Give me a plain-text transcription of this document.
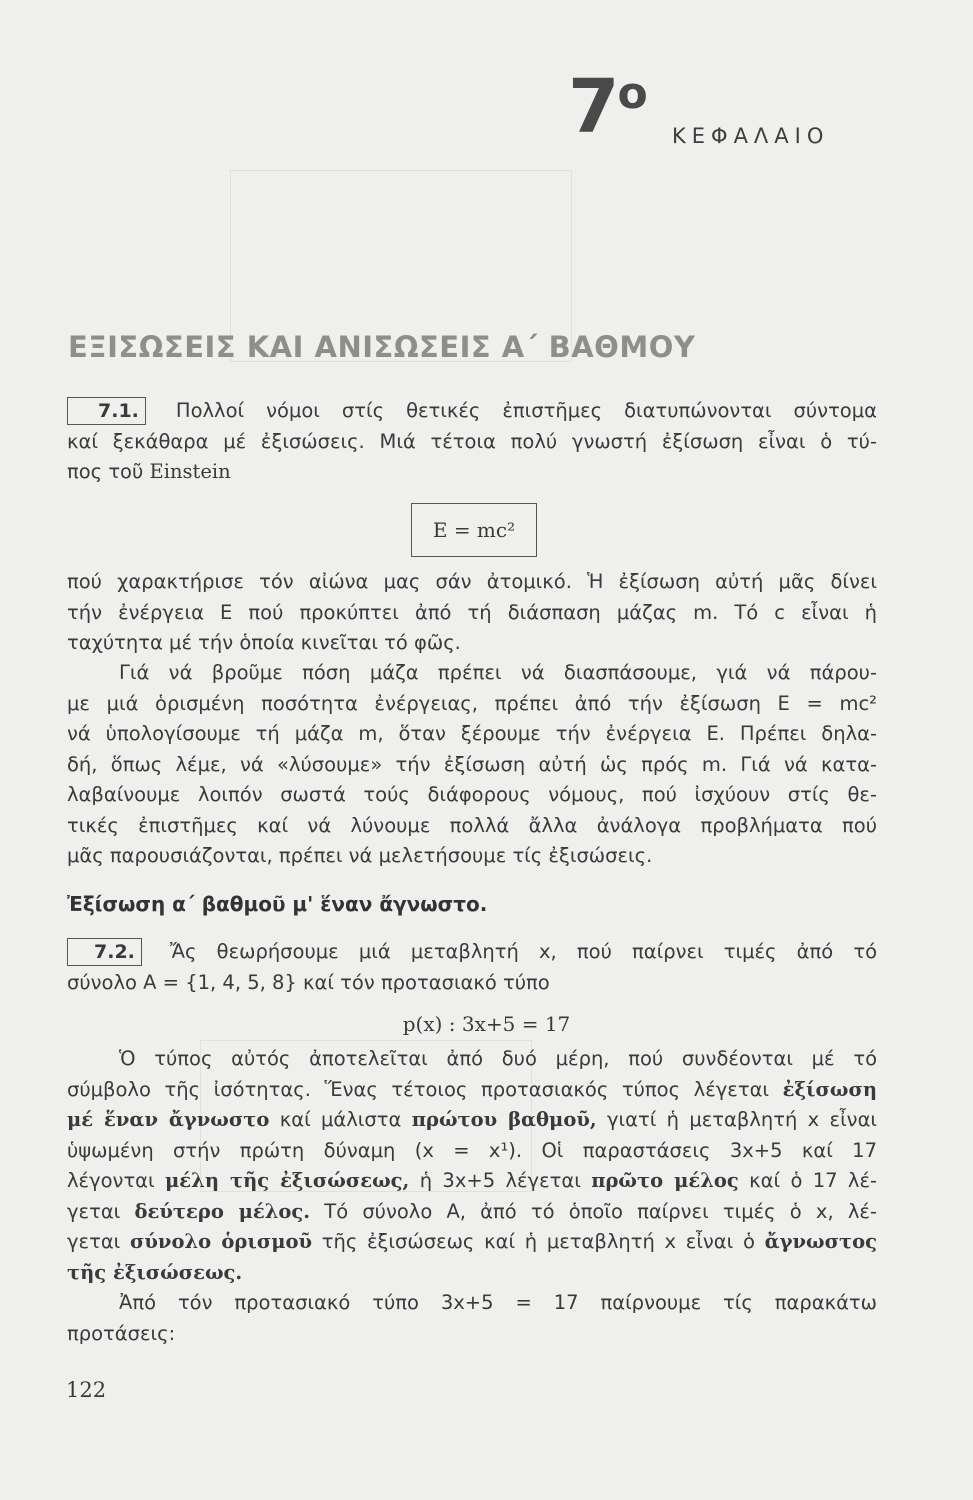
$7^o$
ΚΕΦΑΛΑΙΟ
ΕΞΙΣΩΣΕΙΣ ΚΑΙ ΑΝΙΣΩΣΕΙΣ Α΄ ΒΑΘΜΟΥ
7.1. Πολλοί νόμοι στίς θετικές ἐπιστῆμες διατυπώνονται σύντομα
καί ξεκάθαρα μέ ἐξισώσεις. Μιά τέτοια πολύ γνωστή ἐξίσωση εἶναι ὁ τύ-
πος τοῦ Einstein
E = mc²
πού χαρακτήρισε τόν αἰώνα μας σάν ἀτομικό. Ἡ ἐξίσωση αὐτή μᾶς δίνει
τήν ἐνέργεια Ε πού προκύπτει ἀπό τή διάσπαση μάζας m. Τό c εἶναι ἡ
ταχύτητα μέ τήν ὁποία κινεῖται τό φῶς.
Γιά νά βροῦμε πόση μάζα πρέπει νά διασπάσουμε, γιά νά πάρου-
με μιά ὁρισμένη ποσότητα ἐνέργειας, πρέπει ἀπό τήν ἐξίσωση Ε = mc²
νά ὑπολογίσουμε τή μάζα m, ὅταν ξέρουμε τήν ἐνέργεια Ε. Πρέπει δηλα-
δή, ὅπως λέμε, νά «λύσουμε» τήν ἐξίσωση αὐτή ὡς πρός m. Γιά νά κατα-
λαβαίνουμε λοιπόν σωστά τούς διάφορους νόμους, πού ἰσχύουν στίς θε-
τικές ἐπιστῆμες καί νά λύνουμε πολλά ἄλλα ἀνάλογα προβλήματα πού
μᾶς παρουσιάζονται, πρέπει νά μελετήσουμε τίς ἐξισώσεις.
Ἐξίσωση α΄ βαθμοῦ μ' ἕναν ἄγνωστο.
7.2. Ἄς θεωρήσουμε μιά μεταβλητή x, πού παίρνει τιμές ἀπό τό
σύνολο Α = {1, 4, 5, 8} καί τόν προτασιακό τύπο
p(x) : 3x+5 = 17
Ὁ τύπος αὐτός ἀποτελεῖται ἀπό δυό μέρη, πού συνδέονται μέ τό
σύμβολο τῆς ἰσότητας. Ἕνας τέτοιος προτασιακός τύπος λέγεται ἐξίσωση
μέ ἕναν ἄγνωστο καί μάλιστα πρώτου βαθμοῦ, γιατί ἡ μεταβλητή x εἶναι
ὑψωμένη στήν πρώτη δύναμη (x = x¹). Οἱ παραστάσεις 3x+5 καί 17
λέγονται μέλη τῆς ἐξισώσεως, ἡ 3x+5 λέγεται πρῶτο μέλος καί ὁ 17 λέ-
γεται δεύτερο μέλος. Τό σύνολο Α, ἀπό τό ὁποῖο παίρνει τιμές ὁ x, λέ-
γεται σύνολο ὁρισμοῦ τῆς ἐξισώσεως καί ἡ μεταβλητή x εἶναι ὁ ἄγνωστος
τῆς ἐξισώσεως.
Ἀπό τόν προτασιακό τύπο 3x+5 = 17 παίρνουμε τίς παρακάτω
προτάσεις:
122
